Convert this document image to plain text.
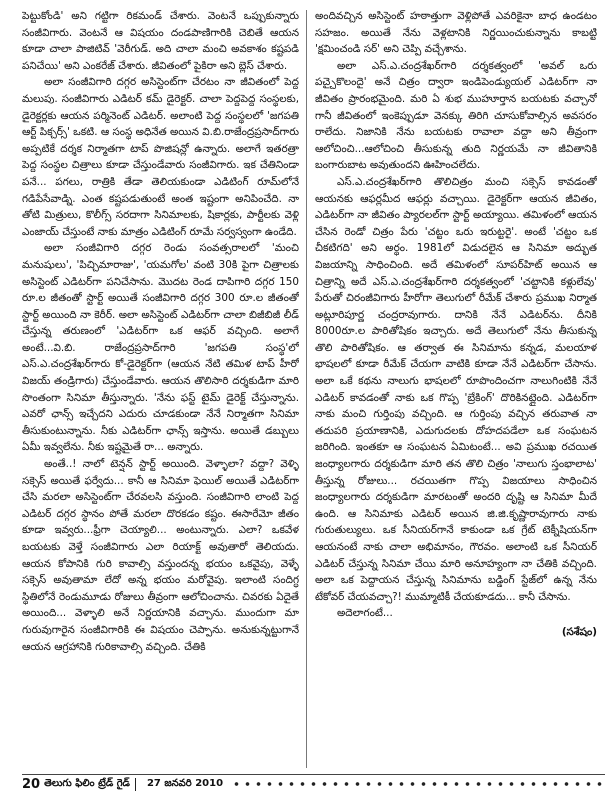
పెట్టుకోండి' అని గట్టిగా రికమండ్ చేశారు. వెంటనే ఒప్పుకున్నారు సంజీవిగారు. వెంటనే ఆ విషయం దండపాణిగారికి చెబితే ఆయన కూడా చాలా పాజిటివ్ 'వెరీగుడ్. అది చాలా మంచి అవకాశం కష్టపడి పనిచేయి' అని ఎంకరేజ్ చేశారు. జీవితంలో పైకిరా అని బ్లెస్ చేశారు.

అలా సంజీవిగారి దగ్గర అసిస్టెంట్‌గా చేరటం నా జీవితంలో పెద్ద మలుపు. సంజీవిగారు ఎడిటర్ కమ్ డైరెక్టర్. చాలా పెద్దపెద్ద సంస్థలకు, డైరెక్టర్లకు ఆయన పర్మినెంట్ ఎడిటర్. అలాంటి పెద్ద సంస్థలలో 'జగపతి ఆర్ట్ పిక్చర్స్' ఒకటి. ఆ సంస్థ అధినేత అయిన వి.బి.రాజేంద్రప్రసాద్‌గారు అప్పటికే దర్శక నిర్మాతగా టాప్ పొజిషన్లో ఉన్నారు. అలాగే ఇతరత్రా పెద్ద సంస్థల చిత్రాలు కూడా చేస్తుండేవారు సంజీవిగారు. ఇక చేతినిండా పనే... పగలు, రాత్రికి తేడా తెలియకుండా ఎడిటింగ్ రూమ్‌లోనే గడిపేసేవాడ్ని. ఎంత కష్టపడుతుంటే అంత ఇష్టంగా అనిపించేది. నా తోటి మిత్రులు, కొలీగ్స్ సరదాగా సినిమాలకు, షికార్లకు, పార్టీలకు వెళ్లి ఎంజాయ్ చేస్తుంటే నాకు మాత్రం ఎడిటింగ్ రూమే సర్వస్వంగా ఉండేది.

అలా సంజీవిగారి దగ్గర రెండు సంవత్సరాలలో 'మంచి మనుషులు', 'పిచ్చిమారాజు', 'యమగోల' వంటి 30కి పైగా చిత్రాలకు అసిస్టెంట్ ఎడిటర్‌గా పనిచేసాను. మొదట రెండ దాపిగారి దగ్గర 150 రూ.ల జీతంతో స్టార్ట్ అయితే సంజీవిగారి దగ్గర 300 రూ.ల జీతంతో స్టార్ట్ అయింది నా కెరీర్. అలా అసిస్టెంట్ ఎడిటర్‌గా చాలా బిజీబిజీ లీడ్ చేస్తున్న తరుణంలో 'ఎడిటర్‌గా ఒక ఆఫర్ వచ్చింది. అలాగే అంటే...వి.బి. రాజేంద్రప్రసాద్‌గారి 'జగపతి సంస్థ'లో ఎస్.ఎ.చంద్రశేఖర్‌గారు కో-డైరెక్టర్‌గా (ఆయన నేటి తమిళ టాప్ హీరో విజయ్ తండ్రిగారు) చేస్తుండేవారు. ఆయన తొలిసారి దర్శకుడిగా మారి సొంతంగా సినిమా తీస్తున్నారు. 'నేను ఫస్ట్ టైమ్ డైరెక్ట్ చేస్తున్నాను. ఎవరో ఛాన్స్ ఇచ్చేదని ఎదురు చూడకుండా నేనే నిర్మాతగా సినిమా తీసుకుంటున్నాను. నీకు ఎడిటర్‌గా ఛాన్స్ ఇస్తాను. అయితే డబ్బులు ఏమీ ఇవ్వలేను. నీకు ఇష్టమైతే రా... అన్నారు.

అంతే..! నాలో టెన్షన్ స్టార్ట్ అయింది. వెళ్ళాలా? వద్దా? వెళ్ళి సక్సెస్ అయితే ఫర్వేదు... కానీ ఆ సినిమా ఫెయిల్ అయితే ఎడిటర్‌గా చేసి మరలా అసిస్టెంట్‌గా చేరవలసి వస్తుంది. సంజీవిగారి లాంటి పెద్ద ఎడిటర్ దగ్గర స్థానం పోతే మరలా దొరకడం కష్టం. ఈసారేమో జీతం కూడా ఇవ్వరు...ఫ్రీగా చెయ్యాలి... అంటున్నారు. ఎలా? ఒకవేళ బయటకు వెళ్తే సంజీవిగారు ఎలా రియాక్ట్ అవుతారో తెలియదు. ఆయన కోపానికి గురి కావాల్సి వస్తుందన్న భయం ఒకవైపు, వెళ్ళే సక్సెస్ అవుతామా లేదో అన్న భయం మరోవైపు. ఇలాంటి సందిగ్ధ స్థితిలోనే రెండుమూడు రోజులు తీవ్రంగా ఆలోచించాను. చివరకు ఏదైతే అయింది... వెళ్ళాలి అనే నిర్ణయానికి వచ్చాను. ముందుగా మా గురువుగారైన సంజీవిగారికి ఈ విషయం చెప్పాను. అనుకున్నట్టుగానే ఆయన ఆగ్రహానికి గురికావాల్సి వచ్చింది. చేతికి

అందివచ్చిన అసిస్టెంట్ హఠాత్తుగా వెళ్లిపోతే ఎవరికైనా బాధ ఉండటం సహజం. అయితే నేను వెళ్లటానికి నిర్ణయించుకున్నాను కాబట్టి 'క్షమించండి సర్' అని చెప్పి వచ్చేశాను.

అలా ఎస్.ఎ.చంద్రశేఖర్‌గారి దర్శకత్వంలో 'అవల్ ఒరు పచ్చైకొలందై' అనే చిత్రం ద్వారా ఇండిపెండ్యుయల్ ఎడిటర్‌గా నా జీవితం ప్రారంభమైంది. మరి ఏ శుభ ముహూర్తాన బయటకు వచ్చానో గానీ జీవితంలో ఇంకెప్పుడూ వెనక్కు తిరిగి చూసుకోవాల్సిన అవసరం రాలేదు. నిజానికి నేను బయటకు రావాలా వద్దా అని తీవ్రంగా ఆలోచించి...ఆలోచించి తీసుకున్న తుది నిర్ణయమే నా జీవితానికి బంగారుబాట అవుతుందని ఊహించలేదు.

ఎస్.ఎ.చంద్రశేఖర్‌గారి తొలిచిత్రం మంచి సక్సెస్ కావడంతో ఆయనకు ఆఫర్లమీద ఆఫర్లు వచ్చాయి. డైరెక్టర్‌గా ఆయన జీవితం, ఎడిటర్‌గా నా జీవితం ప్యారలల్‌గా స్టార్ట్ అయ్యాయి. తమిళంలో ఆయన చేసిన రెండో చిత్రం పేరు 'చట్టం ఒరు ఇరుట్టరై'. అంటే 'చట్టం ఒక చీకటిగది' అని అర్థం. 1981లో విడుదలైన ఆ సినిమా అద్భుత విజయాన్ని సాధించింది. అదే తమిళంలో సూపర్‌హిట్ అయిన ఆ చిత్రాన్ని అదే ఎస్.ఎ.చంద్రశేఖర్‌గారి దర్శకత్వంలో 'చట్టానికి కళ్లులేవు' పేరుతో చిరంజీవిగారు హీరోగా తెలుగులో రీమేక్ చేశారు ప్రముఖ నిర్మాత అట్లూరిపూర్ణ చంద్రరావుగారు. దానికి నేనే ఎడిటర్‌ను. దీనికి 8000రూ.ల పారితోషికం ఇచ్చారు. అదే తెలుగులో నేను తీసుకున్న తొలి పారితోషికం. ఆ తర్వాత ఈ సినిమాను కన్నడ, మలయాళ భాషలలో కూడా రీమేక్ చేయగా వాటికి కూడా నేనే ఎడిటర్‌గా చేసాను. అలా ఒకే కథను నాలుగు భాషలలో రూపొందించగా నాలుగింటికి నేనే ఎడిటర్ కావడంతో నాకు ఒక గొప్ప 'బ్రేకింగ్' దొరికినట్లైంది. ఎడిటర్‌గా నాకు మంచి గుర్తింపు వచ్చింది. ఆ గుర్తింపు వచ్చిన తరువాత నా తదుపరి ప్రయాణానికి, ఎదుగుదలకు దోహదపడేలా ఒక సంఘటన జరిగింది. ఇంతకూ ఆ సంఘటన ఏమిటంటే... అవి ప్రముఖ రచయిత జంధ్యాలగారు దర్శకుడిగా మారి తన తొలి చిత్రం 'నాలుగు స్తంభాలాట' తీస్తున్న రోజులు... రచయితగా గొప్ప విజయాలు సాధించిన జంధ్యాలగారు దర్శకుడిగా మారటంతో అందరి దృష్టి ఆ సినిమా మీదే ఉంది. ఆ సినిమాకు ఎడిటర్ అయిన జి.జి.కృష్ణారావుగారు నాకు గురుతుల్యులు. ఒక సీనియర్‌గానే కాకుండా ఒక గ్రేట్ టెక్నీషియన్‌గా ఆయనంటే నాకు చాలా అభిమానం, గౌరవం. అలాంటి ఒక సీనియర్ ఎడిటర్ చేస్తున్న సినిమా చేయి మారి అనూహ్యంగా నా చేతికి వచ్చింది. అలా ఒక పెద్దాయన చేస్తున్న సినిమాను బడ్డింగ్ స్టేజ్‌లో ఉన్న నేను టేకోవర్ చేయవచ్చా?! ముమ్మాటికీ చేయకూడదు... కానీ చేసాను.

అదెలాగంటే...

(సశేషం)
20 తెలుగు ఫిలిం ట్రేడ్ గైడ్ 27 జనవరి 2010
